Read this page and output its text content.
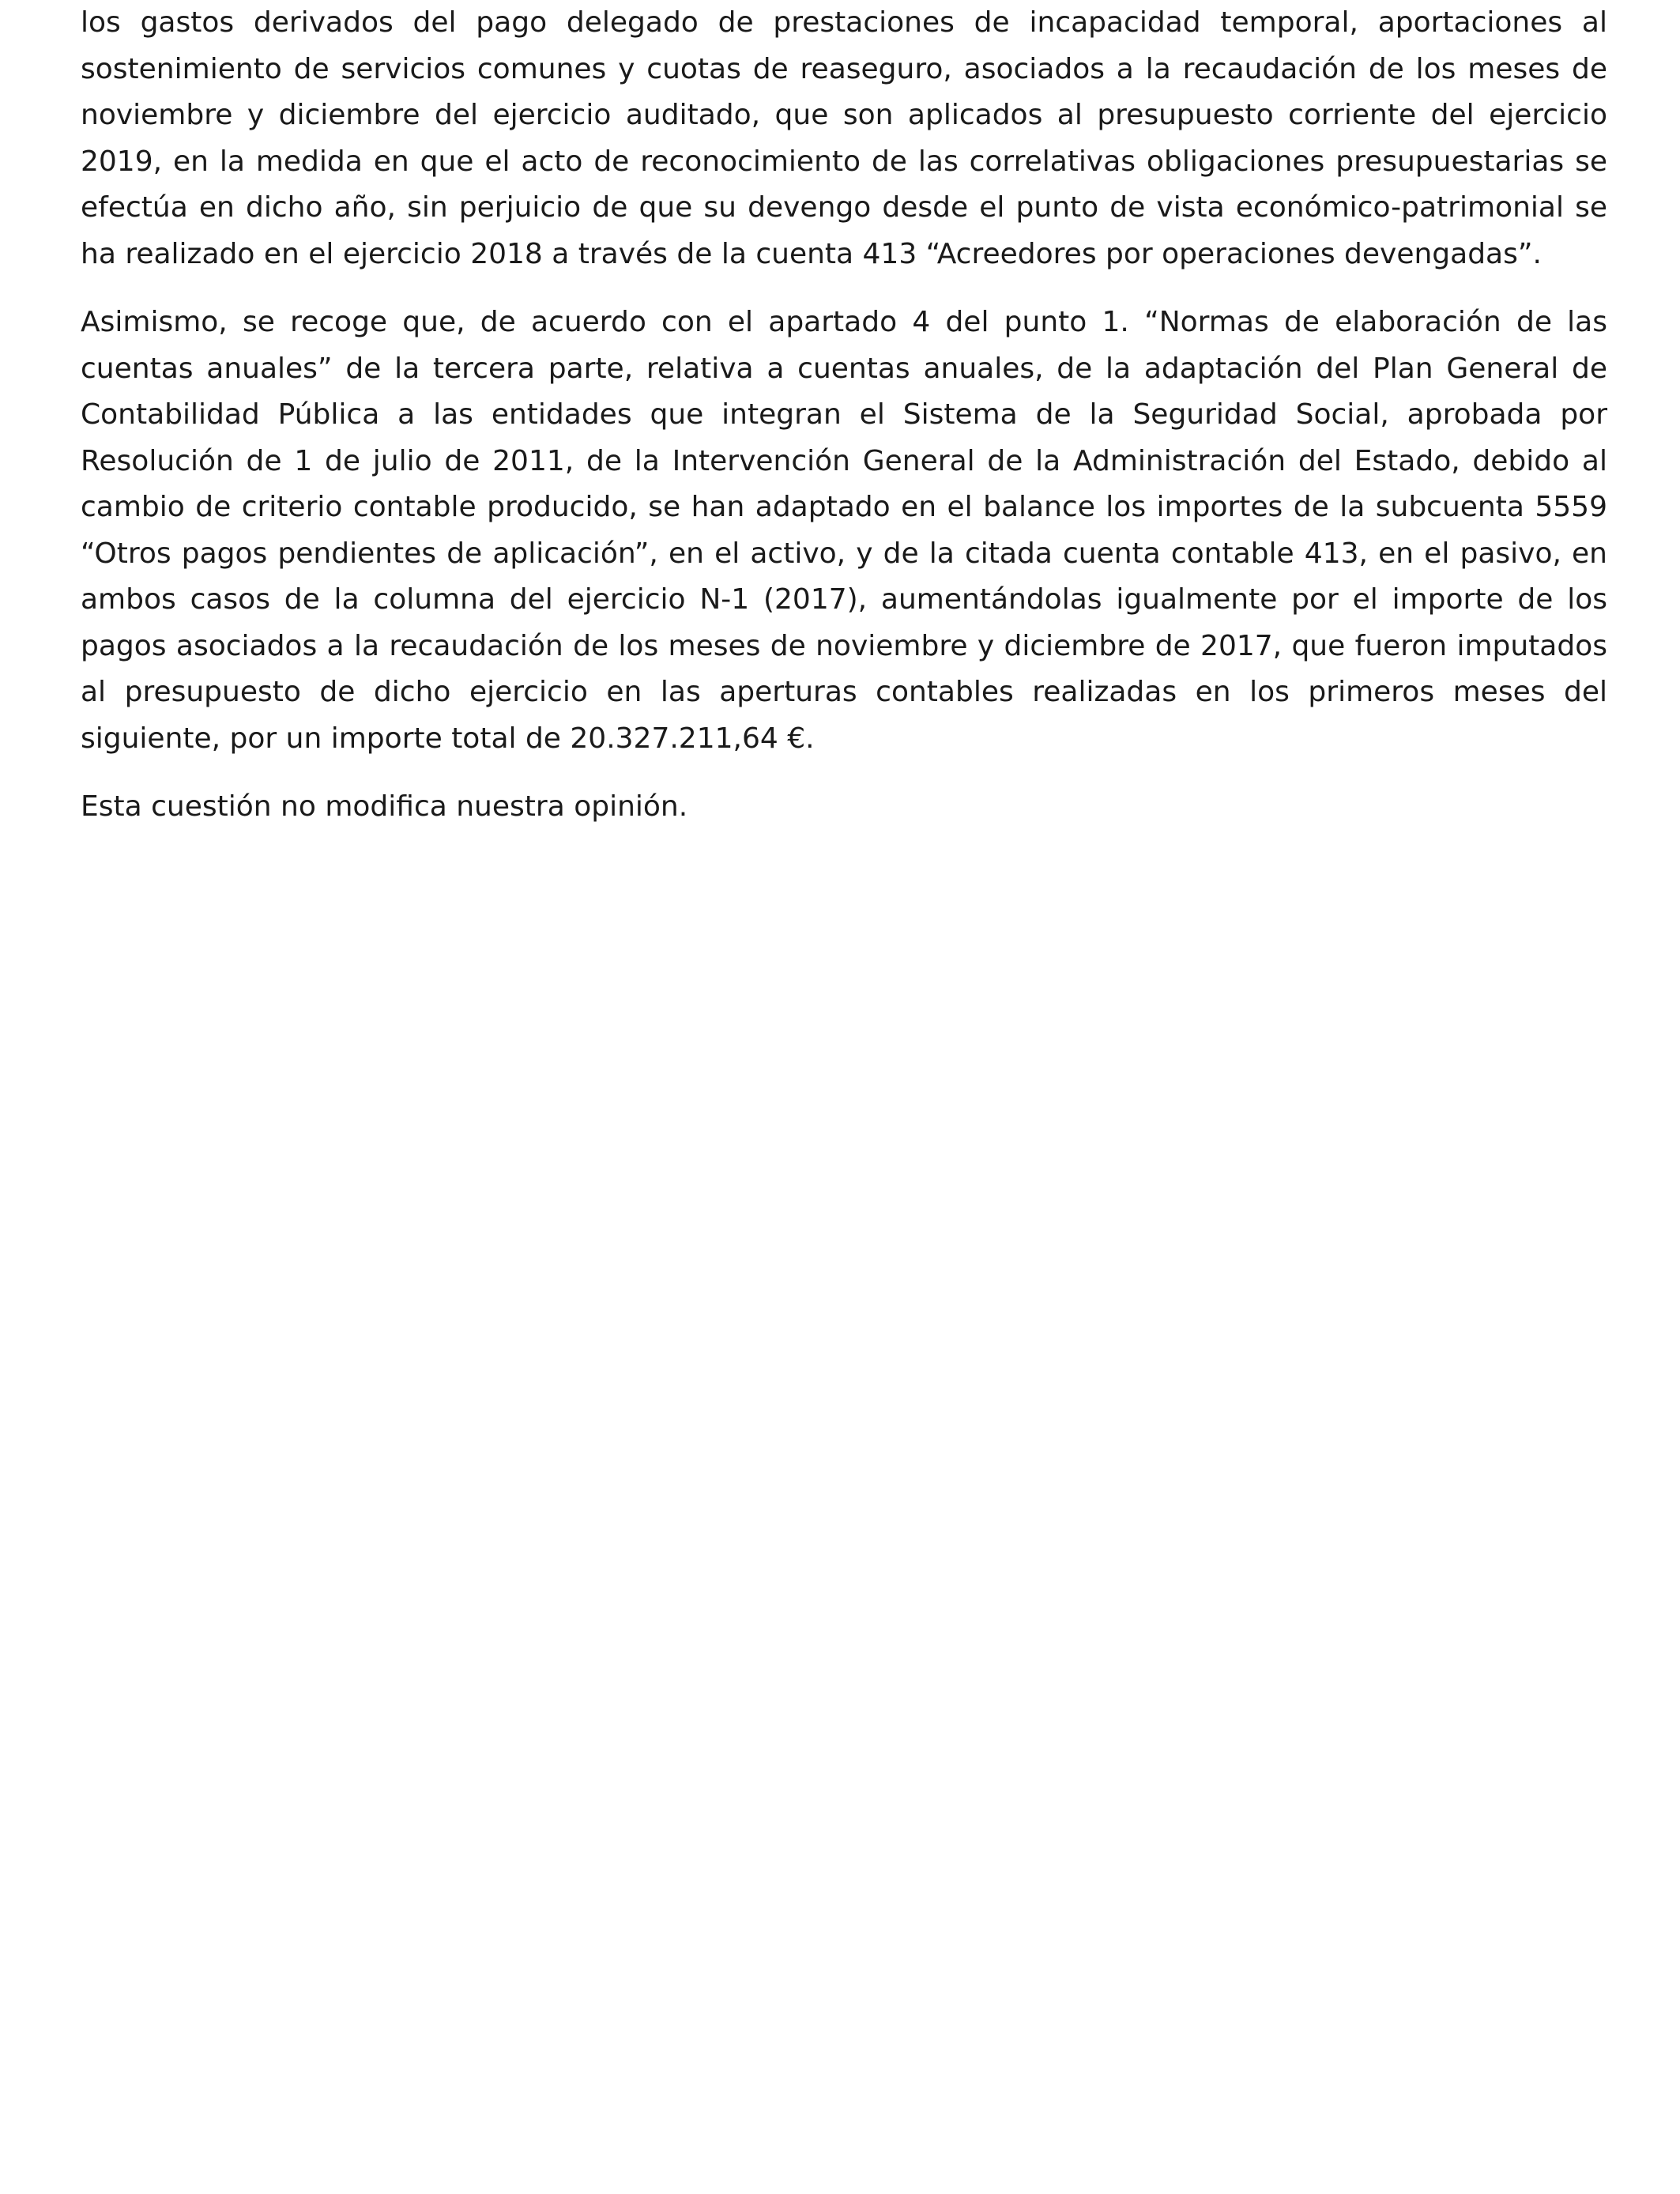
los gastos derivados del pago delegado de prestaciones de incapacidad temporal, aportaciones al sostenimiento de servicios comunes y cuotas de reaseguro, asociados a la recaudación de los meses de noviembre y diciembre del ejercicio auditado, que son aplicados al presupuesto corriente del ejercicio 2019, en la medida en que el acto de reconocimiento de las correlativas obligaciones presupuestarias se efectúa en dicho año, sin perjuicio de que su devengo desde el punto de vista económico-patrimonial se ha realizado en el ejercicio 2018 a través de la cuenta 413 “Acreedores por operaciones devengadas”.

Asimismo, se recoge que, de acuerdo con el apartado 4 del punto 1. “Normas de elaboración de las cuentas anuales” de la tercera parte, relativa a cuentas anuales, de la adaptación del Plan General de Contabilidad Pública a las entidades que integran el Sistema de la Seguridad Social, aprobada por Resolución de 1 de julio de 2011, de la Intervención General de la Administración del Estado, debido al cambio de criterio contable producido, se han adaptado en el balance los importes de la subcuenta 5559 “Otros pagos pendientes de aplicación”, en el activo, y de la citada cuenta contable 413, en el pasivo, en ambos casos de la columna del ejercicio N-1 (2017), aumentándolas igualmente por el importe de los pagos asociados a la recaudación de los meses de noviembre y diciembre de 2017, que fueron imputados al presupuesto de dicho ejercicio en las aperturas contables realizadas en los primeros meses del siguiente, por un importe total de 20.327.211,64 €.

Esta cuestión no modifica nuestra opinión.
